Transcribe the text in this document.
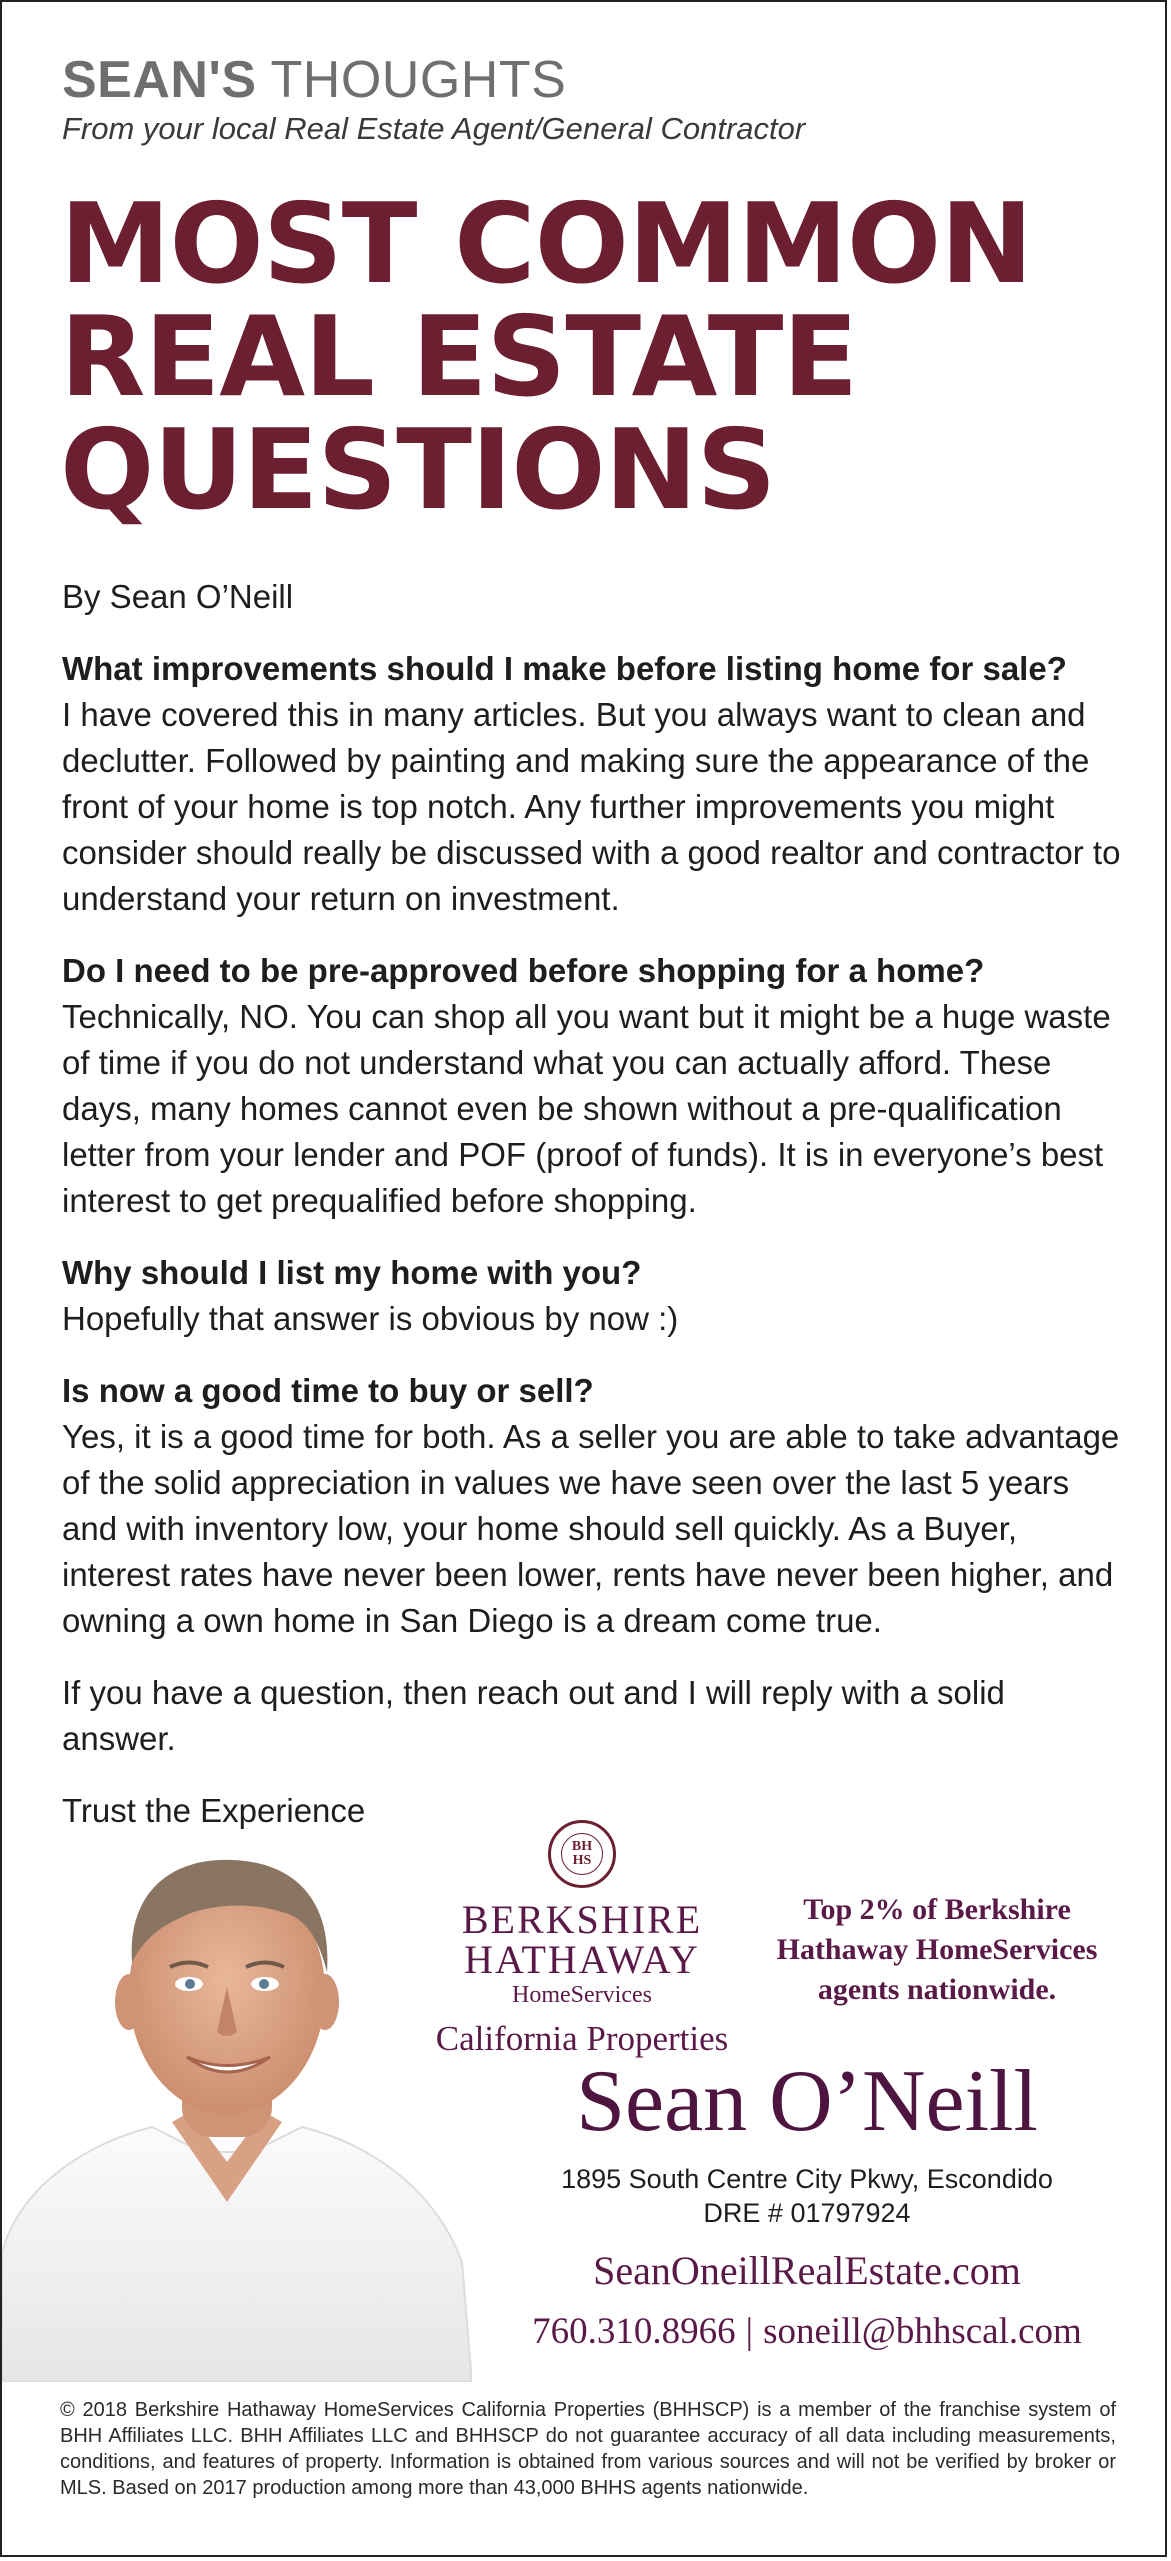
SEAN'S THOUGHTS
From your local Real Estate Agent/General Contractor
MOST COMMON
REAL ESTATE
QUESTIONS

By Sean O’Neill

What improvements should I make before listing home for sale?

I have covered this in many articles. But you always want to clean and declutter. Followed by painting and making sure the appearance of the front of your home is top notch. Any further improvements you might consider should really be discussed with a good realtor and contractor to understand your return on investment.

Do I need to be pre-approved before shopping for a home?

Technically, NO. You can shop all you want but it might be a huge waste of time if you do not understand what you can actually afford. These days, many homes cannot even be shown without a pre-qualification letter from your lender and POF (proof of funds). It is in everyone’s best interest to get prequalified before shopping.

Why should I list my home with you?

Hopefully that answer is obvious by now :)

Is now a good time to buy or sell?

Yes, it is a good time for both. As a seller you are able to take advantage of the solid appreciation in values we have seen over the last 5 years and with inventory low, your home should sell quickly. As a Buyer, interest rates have never been lower, rents have never been higher, and owning a own home in San Diego is a dream come true.

If you have a question, then reach out and I will reply with a solid answer.

Trust the Experience

BH HS
BERKSHIRE
HATHAWAY
HomeServices
California Properties
Top 2% of Berkshire Hathaway HomeServices agents nationwide.
Sean O’Neill
1895 South Centre City Pkwy, Escondido
DRE # 01797924
SeanOneillRealEstate.com
760.310.8966 | soneill@bhhscal.com
© 2018 Berkshire Hathaway HomeServices California Properties (BHHSCP) is a member of the franchise system of BHH Affiliates LLC. BHH Affiliates LLC and BHHSCP do not guarantee accuracy of all data including measurements, conditions, and features of property. Information is obtained from various sources and will not be verified by broker or MLS. Based on 2017 production among more than 43,000 BHHS agents nationwide.
